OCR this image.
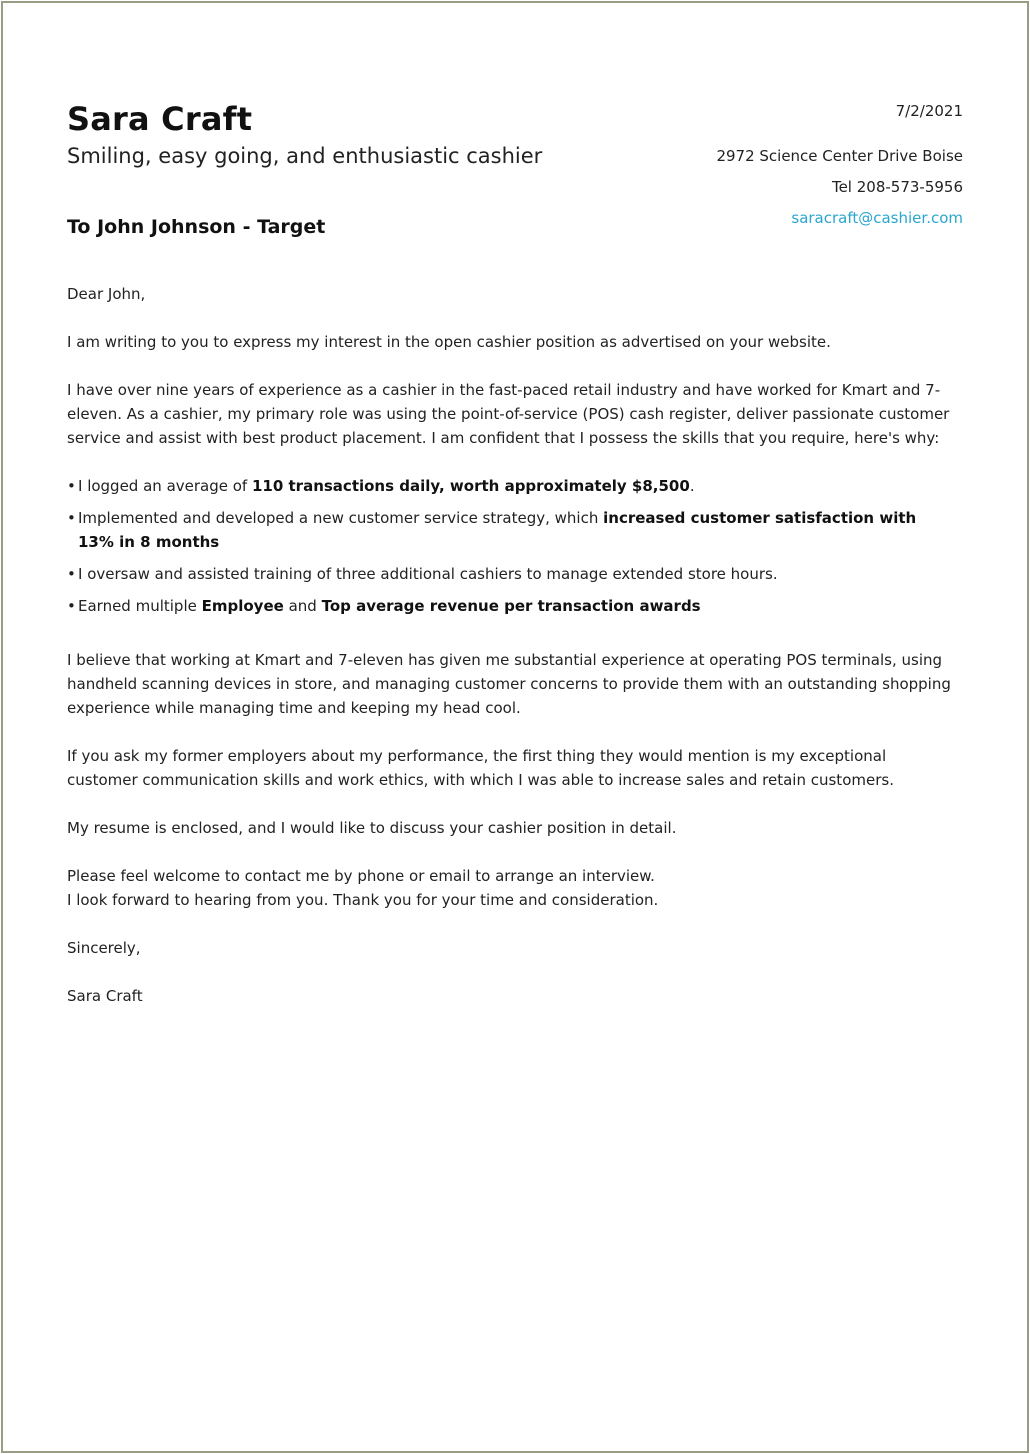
Sara Craft
Smiling, easy going, and enthusiastic cashier
To John Johnson - Target
7/2/2021
2972 Science Center Drive Boise
Tel 208-573-5956
saracraft@cashier.com

Dear John,

I am writing to you to express my interest in the open cashier position as advertised on your website.

I have over nine years of experience as a cashier in the fast-paced retail industry and have worked for Kmart and 7-eleven. As a cashier, my primary role was using the point-of-service (POS) cash register, deliver passionate customer service and assist with best product placement. I am confident that I possess the skills that you require, here's why:

• I logged an average of 110 transactions daily, worth approximately $8,500.
• Implemented and developed a new customer service strategy, which increased customer satisfaction with 13% in 8 months
• I oversaw and assisted training of three additional cashiers to manage extended store hours.
• Earned multiple Employee and Top average revenue per transaction awards

I believe that working at Kmart and 7-eleven has given me substantial experience at operating POS terminals, using handheld scanning devices in store, and managing customer concerns to provide them with an outstanding shopping experience while managing time and keeping my head cool.

If you ask my former employers about my performance, the first thing they would mention is my exceptional customer communication skills and work ethics, with which I was able to increase sales and retain customers.

My resume is enclosed, and I would like to discuss your cashier position in detail.

Please feel welcome to contact me by phone or email to arrange an interview.

I look forward to hearing from you. Thank you for your time and consideration.

Sincerely,

Sara Craft
